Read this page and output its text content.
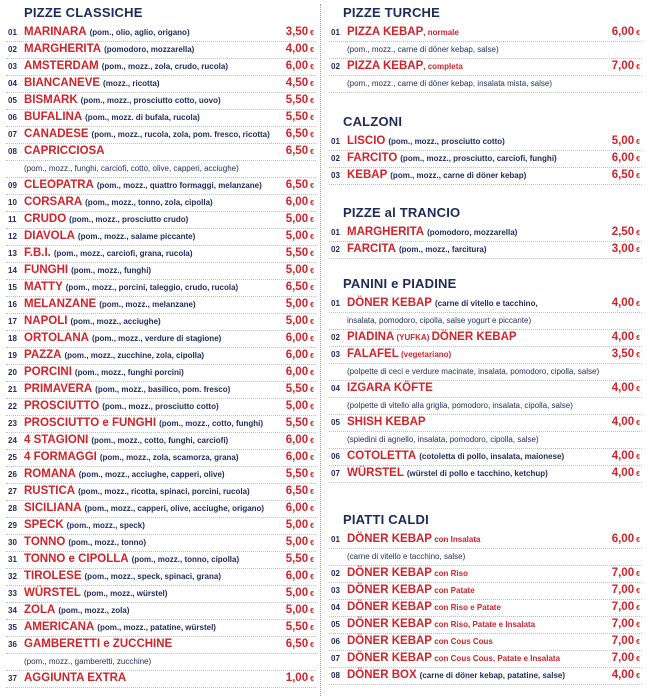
PIZZE CLASSICHE
01 MARINARA (pom., olio, aglio, origano)	3,50 €
02 MARGHERITA (pomodoro, mozzarella)	4,00 €
03 AMSTERDAM (pom., mozz., zola, crudo, rucola)	6,00 €
04 BIANCANEVE (mozz., ricotta)	4,50 €
05 BISMARK (pom., mozz., prosciutto cotto, uovo)	5,50 €
06 BUFALINA (pom., mozz. di bufala, rucola)	5,50 €
07 CANADESE (pom., mozz., rucola, zola, pom. fresco, ricotta) 6,50 €
08 CAPRICCIOSA	6,50 €
(pom., mozz., funghi, carciofi, cotto, olive, capperi, acciughe)
09 CLEOPATRA (pom., mozz., quattro formaggi, melanzane) 6,50 €
10 CORSARA (pom., mozz., tonno, zola, cipolla)	6,00 €
11 CRUDO (pom., mozz., prosciutto crudo)	5,00 €
12 DIAVOLA (pom., mozz., salame piccante)	5,00 €
13 F.B.I. (pom., mozz., carciofi, grana, rucola)	5,50 €
14 FUNGHI (pom., mozz., funghi)	5,00 €
15 MATTY (pom., mozz., porcini, taleggio, crudo, rucola)	6,50 €
16 MELANZANE (pom., mozz., melanzane)	5,00 €
17 NAPOLI (pom., mozz., acciughe)	5,00 €
18 ORTOLANA (pom., mozz., verdure di stagione)	6,00 €
19 PAZZA (pom., mozz., zucchine, zola, cipolla)	6,00 €
20 PORCINI (pom., mozz., funghi porcini)	6,00 €
21 PRIMAVERA (pom., mozz., basilico, pom. fresco)	5,50 €
22 PROSCIUTTO (pom., mozz., prosciutto cotto)	5,00 €
23 PROSCIUTTO e FUNGHI (pom., mozz., cotto, funghi) 5,50 €
24 4 STAGIONI (pom., mozz., cotto, funghi, carciofi)	6,00 €
25 4 FORMAGGI (pom., mozz., zola, scamorza, grana)	6,00 €
26 ROMANA (pom., mozz., acciughe, capperi, olive)	5,50 €
27 RUSTICA (pom., mozz., ricotta, spinaci, porcini, rucola)	6,50 €
28 SICILIANA (pom., mozz., capperi, olive, acciughe, origano) 6,00 €
29 SPECK (pom., mozz., speck)	5,00 €
30 TONNO (pom., mozz., tonno)	5,00 €
31 TONNO e CIPOLLA (pom., mozz., tonno, cipolla)	5,50 €
32 TIROLESE (pom., mozz., speck, spinaci, grana)	6,00 €
33 WÜRSTEL (pom., mozz., würstel)	5,00 €
34 ZOLA (pom., mozz., zola)	5,00 €
35 AMERICANA (pom., mozz., patatine, würstel)	5,50 €
36 GAMBERETTI e ZUCCHINE	6,50 €
(pom., mozz., gamberetti, zucchine)
37 AGGIUNTA EXTRA	1,00 €
PIZZE TURCHE
01 PIZZA KEBAP, normale	6,00 €
(pom., mozz., carne di döner kebap, salse)
02 PIZZA KEBAP, completa	7,00 €
(pom., mozz., carne di döner kebap, insalata mista, salse)
CALZONI
01 LISCIO (pom., mozz., prosciutto cotto)	5,00 €
02 FARCITO (pom., mozz., prosciutto, carciofi, funghi)	6,00 €
03 KEBAP (pom., mozz., carne di döner kebap)	6,50 €
PIZZE al TRANCIO
01 MARGHERITA (pomodoro, mozzarella)	2,50 €
02 FARCITA (pom., mozz., farcitura)	3,00 €
PANINI e PIADINE
01 DÖNER KEBAP (carne di vitello e tacchino,	4,00 €
insalata, pomodoro, cipolla, salse yogurt e piccante)
02 PIADINA (YUFKA) DÖNER KEBAP	4,00 €
03 FALAFEL (vegetariano)	3,50 €
(polpette di ceci e verdure macinate, insalata, pomodoro, cipolla, salse)
04 IZGARA KÖFTE	4,00 €
(polpette di vitello alla griglia, pomodoro, insalata, cipolla, salse)
05 SHISH KEBAP	4,00 €
(spiedini di agnello, insalata, pomodoro, cipolla, salse)
06 COTOLETTA (cotoletta di pollo, insalata, maionese)	4,00 €
07 WÜRSTEL (würstel di pollo e tacchino, ketchup)	4,00 €
PIATTI CALDI
01 DÖNER KEBAP con Insalata	6,00 €
(carne di vitello e tacchino, salse)
02 DÖNER KEBAP con Riso	7,00 €
03 DÖNER KEBAP con Patate	7,00 €
04 DÖNER KEBAP con Riso e Patate	7,00 €
05 DÖNER KEBAP con Riso, Patate e Insalata	7,00 €
06 DÖNER KEBAP con Cous Cous	7,00 €
07 DÖNER KEBAP con Cous Cous, Patate e Insalata	7,00 €
08 DÖNER BOX (carne di döner kebap, patatine, salse)	4,00 €
